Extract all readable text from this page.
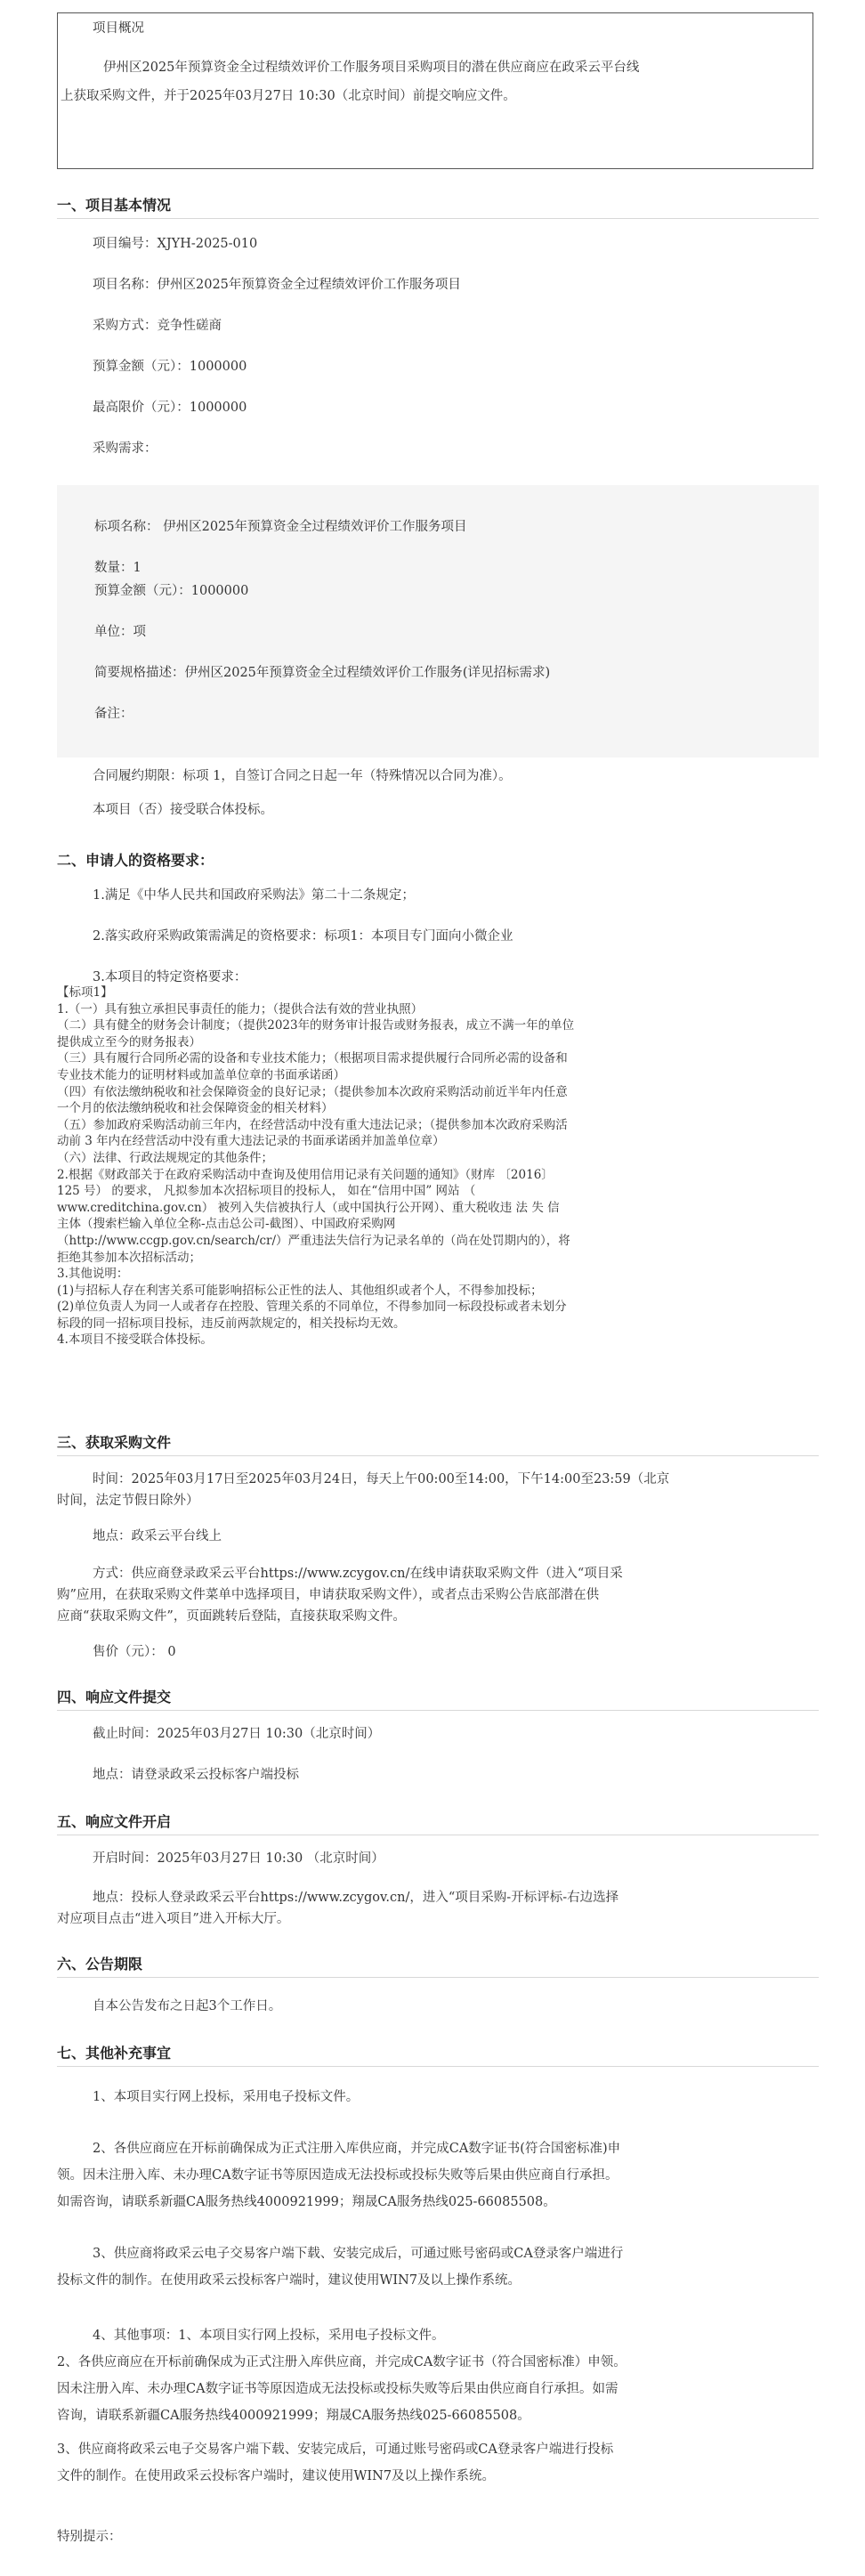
项目概况
伊州区2025年预算资金全过程绩效评价工作服务项目采购项目的潜在供应商应在政采云平台线
上获取采购文件，并于2025年03月27日 10:30（北京时间）前提交响应文件。
一、项目基本情况
项目编号：XJYH-2025-010
项目名称：伊州区2025年预算资金全过程绩效评价工作服务项目
采购方式：竞争性磋商
预算金额（元）：1000000
最高限价（元）：1000000
采购需求：
标项名称： 伊州区2025年预算资金全过程绩效评价工作服务项目
数量：1
预算金额（元）：1000000
单位：项
简要规格描述：伊州区2025年预算资金全过程绩效评价工作服务(详见招标需求)
备注：
合同履约期限：标项 1，自签订合同之日起一年（特殊情况以合同为准）。
本项目（否）接受联合体投标。
二、申请人的资格要求：
1.满足《中华人民共和国政府采购法》第二十二条规定；
2.落实政府采购政策需满足的资格要求：标项1：本项目专门面向小微企业
3.本项目的特定资格要求：
【标项1】
1.（一）具有独立承担民事责任的能力；（提供合法有效的营业执照）
（二）具有健全的财务会计制度；（提供2023年的财务审计报告或财务报表，成立不满一年的单位
提供成立至今的财务报表）
（三）具有履行合同所必需的设备和专业技术能力；（根据项目需求提供履行合同所必需的设备和
专业技术能力的证明材料或加盖单位章的书面承诺函）
（四）有依法缴纳税收和社会保障资金的良好记录；（提供参加本次政府采购活动前近半年内任意
一个月的依法缴纳税收和社会保障资金的相关材料）
（五）参加政府采购活动前三年内，在经营活动中没有重大违法记录；（提供参加本次政府采购活
动前 3 年内在经营活动中没有重大违法记录的书面承诺函并加盖单位章）
（六）法律、行政法规规定的其他条件；
2.根据《财政部关于在政府采购活动中查询及使用信用记录有关问题的通知》（财库 〔2016〕
125 号） 的要求， 凡拟参加本次招标项目的投标人， 如在“信用中国” 网站 （
www.creditchina.gov.cn） 被列入失信被执行人（或中国执行公开网）、重大税收违 法 失 信
主体（搜索栏输入单位全称-点击总公司-截图）、中国政府采购网
（http://www.ccgp.gov.cn/search/cr/）严重违法失信行为记录名单的（尚在处罚期内的），将
拒绝其参加本次招标活动；
3.其他说明：
(1)与招标人存在利害关系可能影响招标公正性的法人、其他组织或者个人，不得参加投标；
(2)单位负责人为同一人或者存在控股、管理关系的不同单位，不得参加同一标段投标或者未划分
标段的同一招标项目投标，违反前两款规定的，相关投标均无效。
4.本项目不接受联合体投标。
三、获取采购文件
时间：2025年03月17日至2025年03月24日，每天上午00:00至14:00，下午14:00至23:59（北京
时间，法定节假日除外）
地点：政采云平台线上
方式：供应商登录政采云平台https://www.zcygov.cn/在线申请获取采购文件（进入“项目采
购”应用，在获取采购文件菜单中选择项目，申请获取采购文件），或者点击采购公告底部潜在供
应商“获取采购文件”，页面跳转后登陆，直接获取采购文件。
售价（元）： 0
四、响应文件提交
截止时间：2025年03月27日 10:30（北京时间）
地点：请登录政采云投标客户端投标
五、响应文件开启
开启时间：2025年03月27日 10:30 （北京时间）
地点：投标人登录政采云平台https://www.zcygov.cn/，进入“项目采购-开标评标-右边选择
对应项目点击“进入项目”进入开标大厅。
六、公告期限
自本公告发布之日起3个工作日。
七、其他补充事宜
1、本项目实行网上投标，采用电子投标文件。
2、各供应商应在开标前确保成为正式注册入库供应商，并完成CA数字证书(符合国密标准)申
领。因未注册入库、未办理CA数字证书等原因造成无法投标或投标失败等后果由供应商自行承担。
如需咨询，请联系新疆CA服务热线4000921999；翔晟CA服务热线025-66085508。
3、供应商将政采云电子交易客户端下载、安装完成后，可通过账号密码或CA登录客户端进行
投标文件的制作。在使用政采云投标客户端时，建议使用WIN7及以上操作系统。
4、其他事项：1、本项目实行网上投标，采用电子投标文件。
2、各供应商应在开标前确保成为正式注册入库供应商，并完成CA数字证书（符合国密标准）申领。
因未注册入库、未办理CA数字证书等原因造成无法投标或投标失败等后果由供应商自行承担。如需
咨询，请联系新疆CA服务热线4000921999；翔晟CA服务热线025-66085508。
3、供应商将政采云电子交易客户端下载、安装完成后，可通过账号密码或CA登录客户端进行投标
文件的制作。在使用政采云投标客户端时，建议使用WIN7及以上操作系统。
特别提示：
